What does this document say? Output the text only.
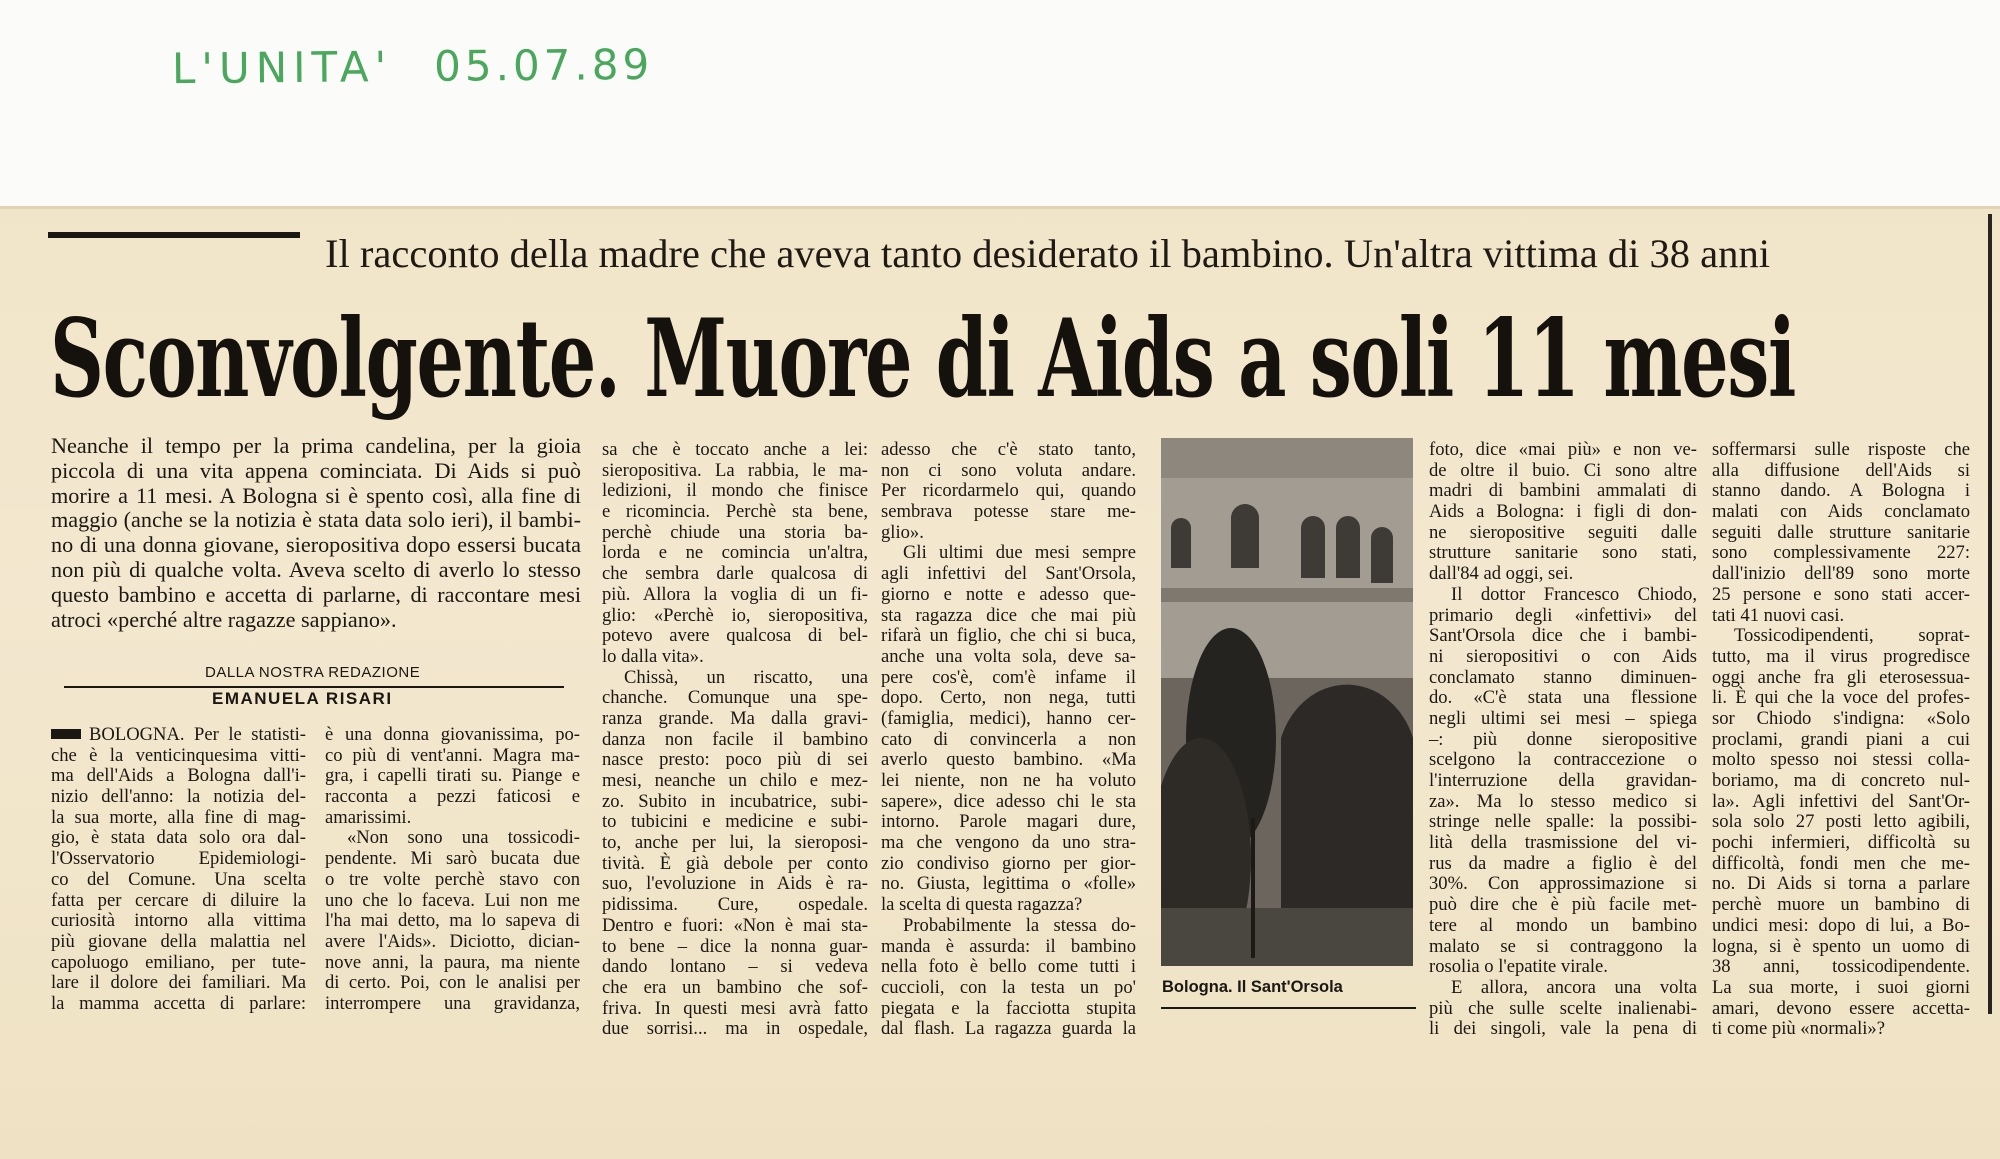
L'UNITA' 05.07.89
Il racconto della madre che aveva tanto desiderato il bambino. Un'altra vittima di 38 anni
Sconvolgente. Muore di Aids a soli 11 mesi
Neanche il tempo per la prima candelina, per la gioia
piccola di una vita appena cominciata. Di Aids si può
morire a 11 mesi. A Bologna si è spento così, alla fine di
maggio (anche se la notizia è stata data solo ieri), il bambi-
no di una donna giovane, sieropositiva dopo essersi bucata
non più di qualche volta. Aveva scelto di averlo lo stesso
questo bambino e accetta di parlarne, di raccontare mesi
atroci «perché altre ragazze sappiano».
DALLA NOSTRA REDAZIONE
EMANUELA RISARI
BOLOGNA. Per le statisti-
che è la venticinquesima vitti-
ma dell'Aids a Bologna dall'i-
nizio dell'anno: la notizia del-
la sua morte, alla fine di mag-
gio, è stata data solo ora dal-
l'Osservatorio Epidemiologi-
co del Comune. Una scelta
fatta per cercare di diluire la
curiosità intorno alla vittima
più giovane della malattia nel
capoluogo emiliano, per tute-
lare il dolore dei familiari. Ma
la mamma accetta di parlare:
è una donna giovanissima, po-
co più di vent'anni. Magra ma-
gra, i capelli tirati su. Piange e
racconta a pezzi faticosi e
amarissimi.
«Non sono una tossicodi-
pendente. Mi sarò bucata due
o tre volte perchè stavo con
uno che lo faceva. Lui non me
l'ha mai detto, ma lo sapeva di
avere l'Aids». Diciotto, dician-
nove anni, la paura, ma niente
di certo. Poi, con le analisi per
interrompere una gravidanza,
sa che è toccato anche a lei:
sieropositiva. La rabbia, le ma-
ledizioni, il mondo che finisce
e ricomincia. Perchè sta bene,
perchè chiude una storia ba-
lorda e ne comincia un'altra,
che sembra darle qualcosa di
più. Allora la voglia di un fi-
glio: «Perchè io, sieropositiva,
potevo avere qualcosa di bel-
lo dalla vita».
Chissà, un riscatto, una
chanche. Comunque una spe-
ranza grande. Ma dalla gravi-
danza non facile il bambino
nasce presto: poco più di sei
mesi, neanche un chilo e mez-
zo. Subito in incubatrice, subi-
to tubicini e medicine e subi-
to, anche per lui, la sieroposi-
tività. È già debole per conto
suo, l'evoluzione in Aids è ra-
pidissima. Cure, ospedale.
Dentro e fuori: «Non è mai sta-
to bene – dice la nonna guar-
dando lontano – si vedeva
che era un bambino che sof-
friva. In questi mesi avrà fatto
due sorrisi... ma in ospedale,
adesso che c'è stato tanto,
non ci sono voluta andare.
Per ricordarmelo qui, quando
sembrava potesse stare me-
glio».
Gli ultimi due mesi sempre
agli infettivi del Sant'Orsola,
giorno e notte e adesso que-
sta ragazza dice che mai più
rifarà un figlio, che chi si buca,
anche una volta sola, deve sa-
pere cos'è, com'è infame il
dopo. Certo, non nega, tutti
(famiglia, medici), hanno cer-
cato di convincerla a non
averlo questo bambino. «Ma
lei niente, non ne ha voluto
sapere», dice adesso chi le sta
intorno. Parole magari dure,
ma che vengono da uno stra-
zio condiviso giorno per gior-
no. Giusta, legittima o «folle»
la scelta di questa ragazza?
Probabilmente la stessa do-
manda è assurda: il bambino
nella foto è bello come tutti i
cuccioli, con la testa un po'
piegata e la facciotta stupita
dal flash. La ragazza guarda la
foto, dice «mai più» e non ve-
de oltre il buio. Ci sono altre
madri di bambini ammalati di
Aids a Bologna: i figli di don-
ne sieropositive seguiti dalle
strutture sanitarie sono stati,
dall'84 ad oggi, sei.
Il dottor Francesco Chiodo,
primario degli «infettivi» del
Sant'Orsola dice che i bambi-
ni sieropositivi o con Aids
conclamato stanno diminuen-
do. «C'è stata una flessione
negli ultimi sei mesi – spiega
–: più donne sieropositive
scelgono la contraccezione o
l'interruzione della gravidan-
za». Ma lo stesso medico si
stringe nelle spalle: la possibi-
lità della trasmissione del vi-
rus da madre a figlio è del
30%. Con approssimazione si
può dire che è più facile met-
tere al mondo un bambino
malato se si contraggono la
rosolia o l'epatite virale.
E allora, ancora una volta
più che sulle scelte inalienabi-
li dei singoli, vale la pena di
soffermarsi sulle risposte che
alla diffusione dell'Aids si
stanno dando. A Bologna i
malati con Aids conclamato
seguiti dalle strutture sanitarie
sono complessivamente 227:
dall'inizio dell'89 sono morte
25 persone e sono stati accer-
tati 41 nuovi casi.
Tossicodipendenti, soprat-
tutto, ma il virus progredisce
oggi anche fra gli eterosessua-
li. È qui che la voce del profes-
sor Chiodo s'indigna: «Solo
proclami, grandi piani a cui
molto spesso noi stessi colla-
boriamo, ma di concreto nul-
la». Agli infettivi del Sant'Or-
sola solo 27 posti letto agibili,
pochi infermieri, difficoltà su
difficoltà, fondi men che me-
no. Di Aids si torna a parlare
perchè muore un bambino di
undici mesi: dopo di lui, a Bo-
logna, si è spento un uomo di
38 anni, tossicodipendente.
La sua morte, i suoi giorni
amari, devono essere accetta-
ti come più «normali»?
Bologna. Il Sant'Orsola
